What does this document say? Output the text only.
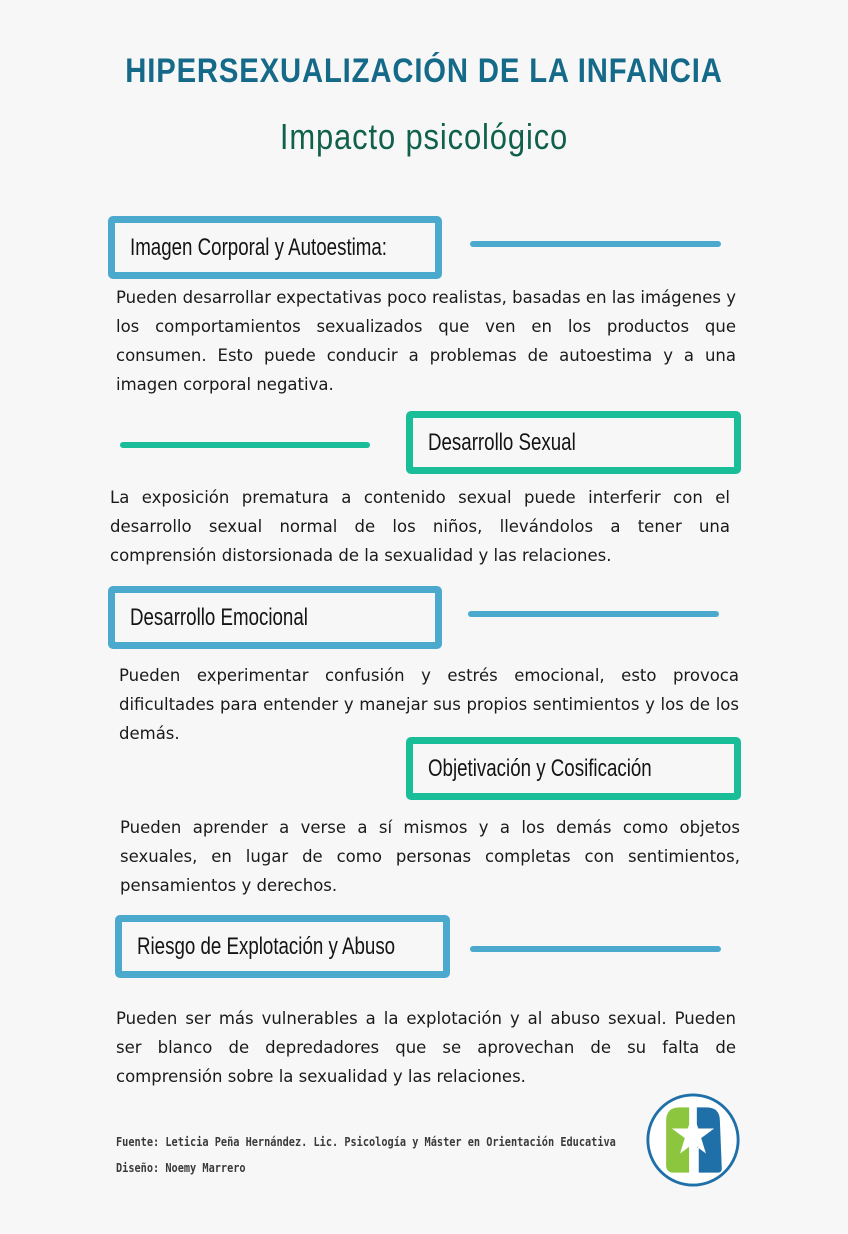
HIPERSEXUALIZACIÓN DE LA INFANCIA
Impacto psicológico
Imagen Corporal y Autoestima:

Pueden desarrollar expectativas poco realistas, basadas en las imágenes y los comportamientos sexualizados que ven en los productos que consumen. Esto puede conducir a problemas de autoestima y a una imagen corporal negativa.

Desarrollo Sexual

La exposición prematura a contenido sexual puede interferir con el desarrollo sexual normal de los niños, llevándolos a tener una comprensión distorsionada de la sexualidad y las relaciones.

Desarrollo Emocional

Pueden experimentar confusión y estrés emocional, esto provoca dificultades para entender y manejar sus propios sentimientos y los de los demás.

Objetivación y Cosificación

Pueden aprender a verse a sí mismos y a los demás como objetos sexuales, en lugar de como personas completas con sentimientos, pensamientos y derechos.

Riesgo de Explotación y Abuso

Pueden ser más vulnerables a la explotación y al abuso sexual. Pueden ser blanco de depredadores que se aprovechan de su falta de comprensión sobre la sexualidad y las relaciones.

Fuente: Leticia Peña Hernández. Lic. Psicología y Máster en Orientación Educativa
Diseño: Noemy Marrero
